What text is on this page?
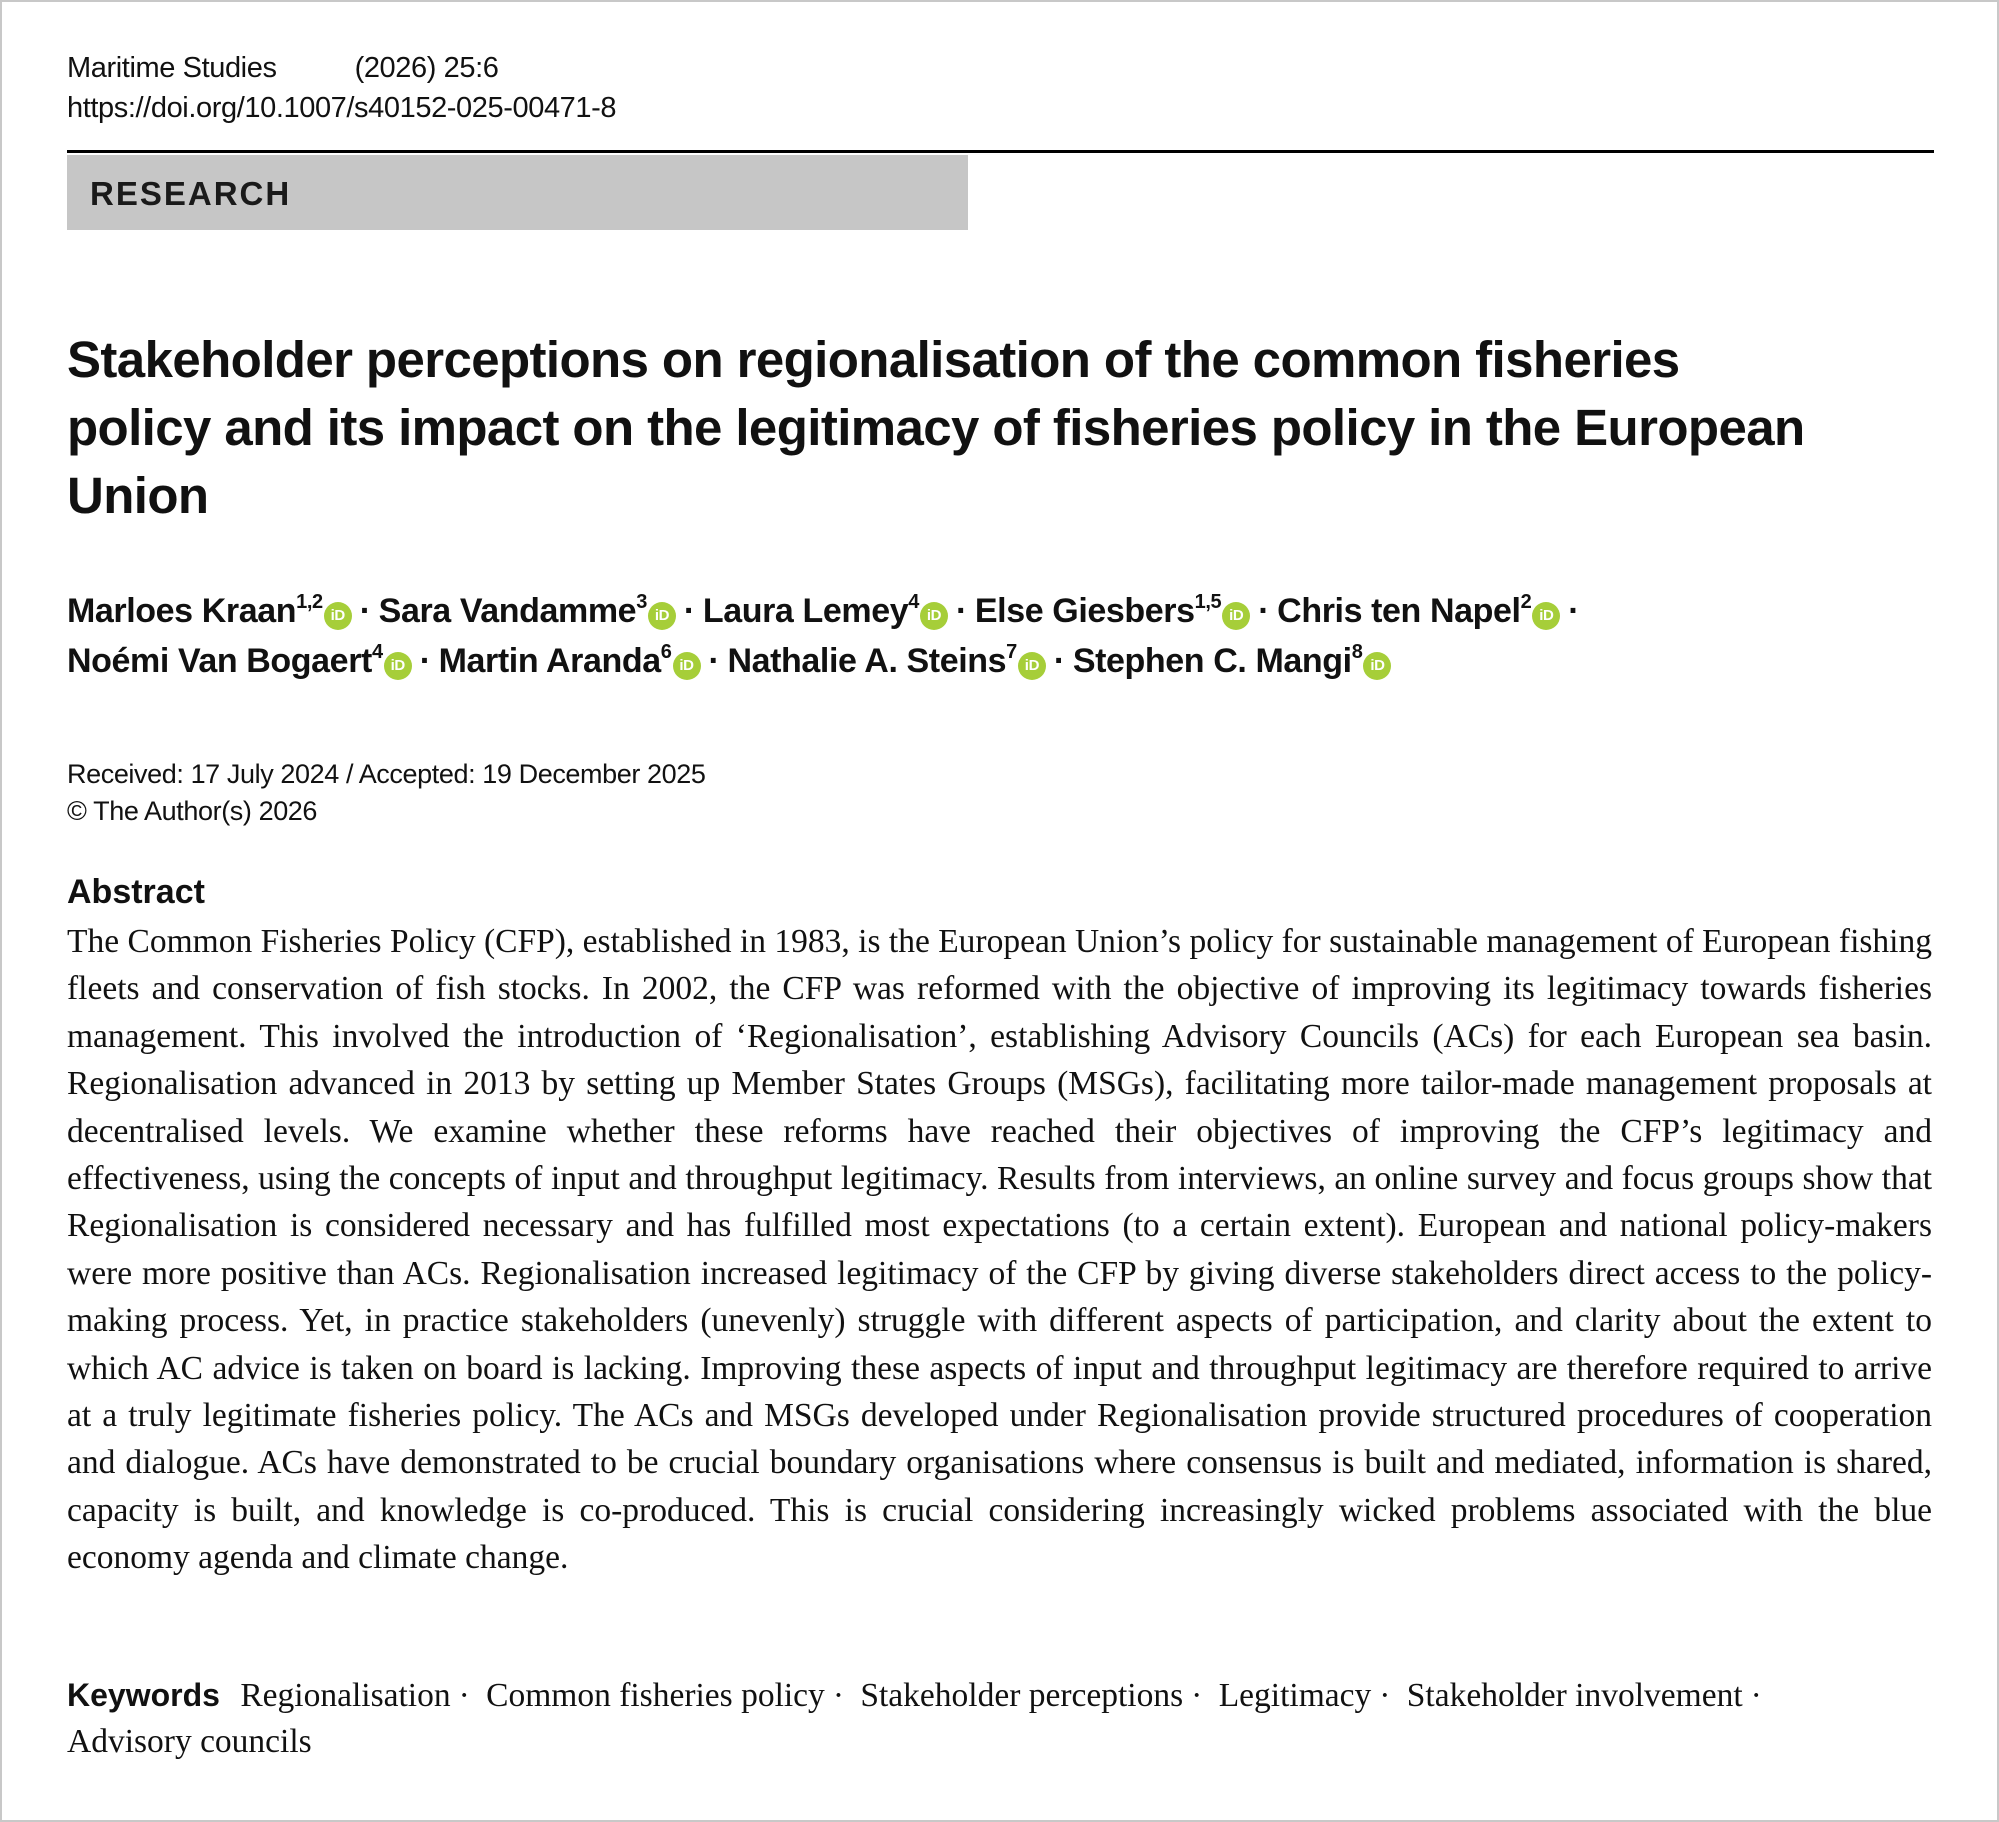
Maritime Studies	(2026) 25:6
https://doi.org/10.1007/s40152-025-00471-8
RESEARCH
Stakeholder perceptions on regionalisation of the common fisheries policy and its impact on the legitimacy of fisheries policy in the European Union
Marloes Kraan$^{1,2}$iD · Sara Vandamme$^3$iD · Laura Lemey$^4$iD · Else Giesbers$^{1,5}$iD · Chris ten Napel$^2$iD ·
Noémi Van Bogaert$^4$iD · Martin Aranda$^6$iD · Nathalie A. Steins$^7$iD · Stephen C. Mangi$^8$iD
Received: 17 July 2024 / Accepted: 19 December 2025
© The Author(s) 2026
Abstract

The Common Fisheries Policy (CFP), established in 1983, is the European Union’s policy for sustainable management of European fishing fleets and conservation of fish stocks. In 2002, the CFP was reformed with the objective of improving its legitimacy towards fisheries management. This involved the introduction of ‘Regionalisation’, establishing Advisory Councils (ACs) for each European sea basin. Regionalisation advanced in 2013 by setting up Member States Groups (MSGs), facilitating more tailor-made management proposals at decentralised levels. We examine whether these reforms have reached their objectives of improving the CFP’s legitimacy and effectiveness, using the concepts of input and throughput legitimacy. Results from interviews, an online survey and focus groups show that Regionalisation is considered necessary and has fulfilled most expectations (to a certain extent). European and national policy-makers were more positive than ACs. Regionalisation increased legitimacy of the CFP by giving diverse stakeholders direct access to the policy-making process. Yet, in practice stakeholders (unevenly) struggle with different aspects of participation, and clarity about the extent to which AC advice is taken on board is lacking. Improving these aspects of input and throughput legitimacy are therefore required to arrive at a truly legitimate fisheries policy. The ACs and MSGs developed under Regionalisation provide structured procedures of cooperation and dialogue. ACs have demonstrated to be crucial boundary organisations where consensus is built and mediated, information is shared, capacity is built, and knowledge is co-produced. This is crucial considering increasingly wicked problems associated with the blue economy agenda and climate change.

Keywords Regionalisation · Common fisheries policy · Stakeholder perceptions · Legitimacy · Stakeholder involvement · Advisory councils
